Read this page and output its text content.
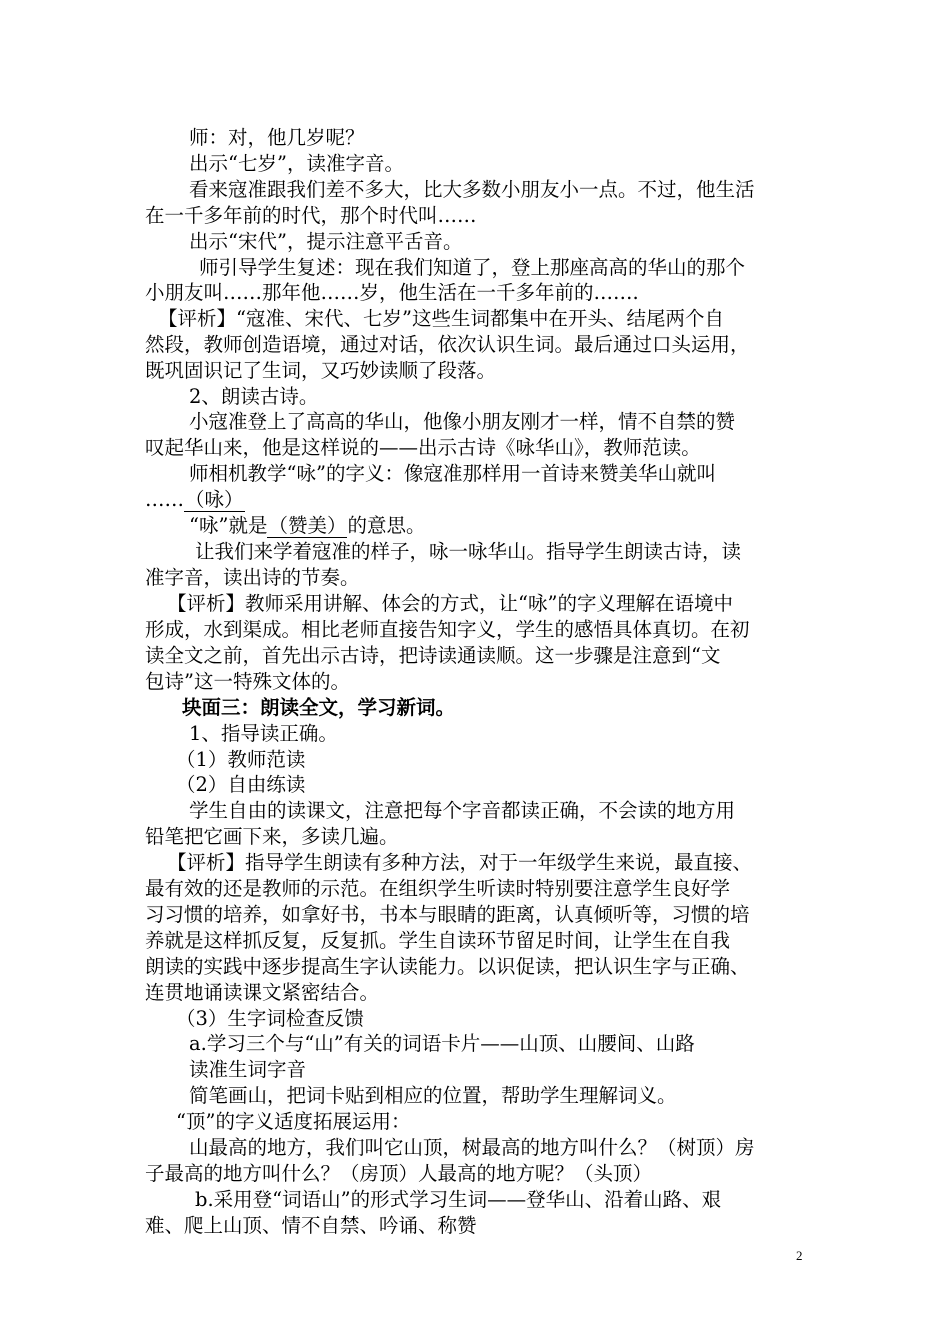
师：对，他几岁呢？
出示“七岁”，读准字音。
看来寇准跟我们差不多大，比大多数小朋友小一点。不过，他生活
在一千多年前的时代，那个时代叫……
出示“宋代”，提示注意平舌音。
师引导学生复述：现在我们知道了，登上那座高高的华山的那个
小朋友叫……那年他……岁，他生活在一千多年前的…….
【评析】“寇准、宋代、七岁”这些生词都集中在开头、结尾两个自
然段，教师创造语境，通过对话，依次认识生词。最后通过口头运用，
既巩固识记了生词，又巧妙读顺了段落。
2、朗读古诗。
小寇准登上了高高的华山，他像小朋友刚才一样，情不自禁的赞
叹起华山来，他是这样说的——出示古诗《咏华山》，教师范读。
师相机教学“咏”的字义：像寇准那样用一首诗来赞美华山就叫
……（咏）
“咏”就是（赞美）的意思。
让我们来学着寇准的样子，咏一咏华山。指导学生朗读古诗，读
准字音，读出诗的节奏。
【评析】教师采用讲解、体会的方式，让“咏”的字义理解在语境中
形成，水到渠成。相比老师直接告知字义，学生的感悟具体真切。在初
读全文之前，首先出示古诗，把诗读通读顺。这一步骤是注意到“文
包诗”这一特殊文体的。
块面三：朗读全文，学习新词。
1、指导读正确。
（1）教师范读
（2）自由练读
学生自由的读课文，注意把每个字音都读正确，不会读的地方用
铅笔把它画下来，多读几遍。
【评析】指导学生朗读有多种方法，对于一年级学生来说，最直接、
最有效的还是教师的示范。在组织学生听读时特别要注意学生良好学
习习惯的培养，如拿好书，书本与眼睛的距离，认真倾听等，习惯的培
养就是这样抓反复，反复抓。学生自读环节留足时间，让学生在自我
朗读的实践中逐步提高生字认读能力。以识促读，把认识生字与正确、
连贯地诵读课文紧密结合。
（3）生字词检查反馈
a.学习三个与“山”有关的词语卡片——山顶、山腰间、山路
读准生词字音
简笔画山，把词卡贴到相应的位置，帮助学生理解词义。
“顶”的字义适度拓展运用：
山最高的地方，我们叫它山顶，树最高的地方叫什么？（树顶）房
子最高的地方叫什么？（房顶）人最高的地方呢？（头顶）
b.采用登“词语山”的形式学习生词——登华山、沿着山路、艰
难、爬上山顶、情不自禁、吟诵、称赞
2
